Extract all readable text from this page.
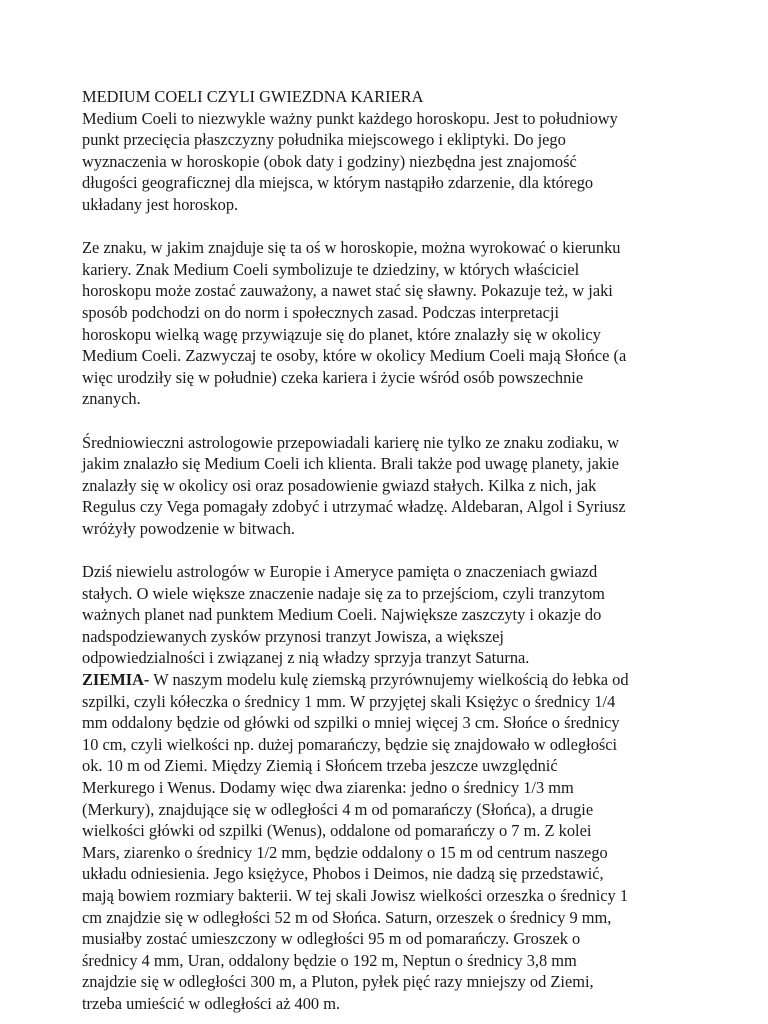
MEDIUM COELI CZYLI GWIEZDNA KARIERA
Medium Coeli to niezwykle ważny punkt każdego horoskopu. Jest to południowy
punkt przecięcia płaszczyzny południka miejscowego i ekliptyki. Do jego
wyznaczenia w horoskopie (obok daty i godziny) niezbędna jest znajomość
długości geograficznej dla miejsca, w którym nastąpiło zdarzenie, dla którego
układany jest horoskop.
Ze znaku, w jakim znajduje się ta oś w horoskopie, można wyrokować o kierunku
kariery. Znak Medium Coeli symbolizuje te dziedziny, w których właściciel
horoskopu może zostać zauważony, a nawet stać się sławny. Pokazuje też, w jaki
sposób podchodzi on do norm i społecznych zasad. Podczas interpretacji
horoskopu wielką wagę przywiązuje się do planet, które znalazły się w okolicy
Medium Coeli. Zazwyczaj te osoby, które w okolicy Medium Coeli mają Słońce (a
więc urodziły się w południe) czeka kariera i życie wśród osób powszechnie
znanych.
Średniowieczni astrologowie przepowiadali karierę nie tylko ze znaku zodiaku, w
jakim znalazło się Medium Coeli ich klienta. Brali także pod uwagę planety, jakie
znalazły się w okolicy osi oraz posadowienie gwiazd stałych. Kilka z nich, jak
Regulus czy Vega pomagały zdobyć i utrzymać władzę. Aldebaran, Algol i Syriusz
wróżyły powodzenie w bitwach.
Dziś niewielu astrologów w Europie i Ameryce pamięta o znaczeniach gwiazd
stałych. O wiele większe znaczenie nadaje się za to przejściom, czyli tranzytom
ważnych planet nad punktem Medium Coeli. Największe zaszczyty i okazje do
nadspodziewanych zysków przynosi tranzyt Jowisza, a większej
odpowiedzialności i związanej z nią władzy sprzyja tranzyt Saturna.
ZIEMIA- W naszym modelu kulę ziemską przyrównujemy wielkością do łebka od
szpilki, czyli kółeczka o średnicy 1 mm. W przyjętej skali Księżyc o średnicy 1/4
mm oddalony będzie od główki od szpilki o mniej więcej 3 cm. Słońce o średnicy
10 cm, czyli wielkości np. dużej pomarańczy, będzie się znajdowało w odległości
ok. 10 m od Ziemi. Między Ziemią i Słońcem trzeba jeszcze uwzględnić
Merkurego i Wenus. Dodamy więc dwa ziarenka: jedno o średnicy 1/3 mm
(Merkury), znajdujące się w odległości 4 m od pomarańczy (Słońca), a drugie
wielkości główki od szpilki (Wenus), oddalone od pomarańczy o 7 m. Z kolei
Mars, ziarenko o średnicy 1/2 mm, będzie oddalony o 15 m od centrum naszego
układu odniesienia. Jego księżyce, Phobos i Deimos, nie dadzą się przedstawić,
mają bowiem rozmiary bakterii. W tej skali Jowisz wielkości orzeszka o średnicy 1
cm znajdzie się w odległości 52 m od Słońca. Saturn, orzeszek o średnicy 9 mm,
musiałby zostać umieszczony w odległości 95 m od pomarańczy. Groszek o
średnicy 4 mm, Uran, oddalony będzie o 192 m, Neptun o średnicy 3,8 mm
znajdzie się w odległości 300 m, a Pluton, pyłek pięć razy mniejszy od Ziemi,
trzeba umieścić w odległości aż 400 m.
